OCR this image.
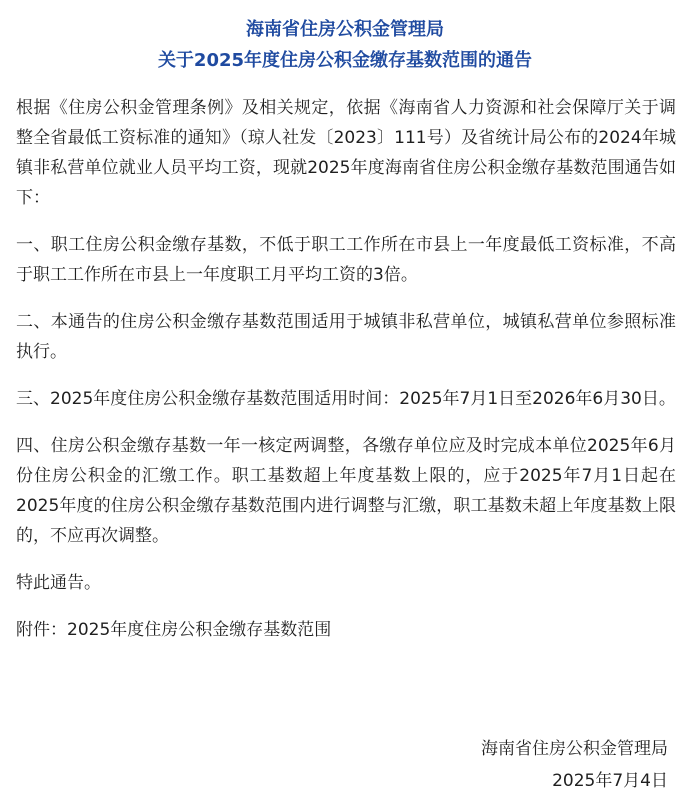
海南省住房公积金管理局
关于2025年度住房公积金缴存基数范围的通告

根据《住房公积金管理条例》及相关规定，依据《海南省人力资源和社会保障厅关于调整全省最低工资标准的通知》（琼人社发〔2023〕111号）及省统计局公布的2024年城镇非私营单位就业人员平均工资，现就2025年度海南省住房公积金缴存基数范围通告如下：

一、职工住房公积金缴存基数，不低于职工工作所在市县上一年度最低工资标准，不高于职工工作所在市县上一年度职工月平均工资的3倍。

二、本通告的住房公积金缴存基数范围适用于城镇非私营单位，城镇私营单位参照标准执行。

三、2025年度住房公积金缴存基数范围适用时间：2025年7月1日至2026年6月30日。

四、住房公积金缴存基数一年一核定两调整，各缴存单位应及时完成本单位2025年6月份住房公积金的汇缴工作。职工基数超上年度基数上限的，应于2025年7月1日起在2025年度的住房公积金缴存基数范围内进行调整与汇缴，职工基数未超上年度基数上限的，不应再次调整。

特此通告。

附件：2025年度住房公积金缴存基数范围

海南省住房公积金管理局
2025年7月4日
